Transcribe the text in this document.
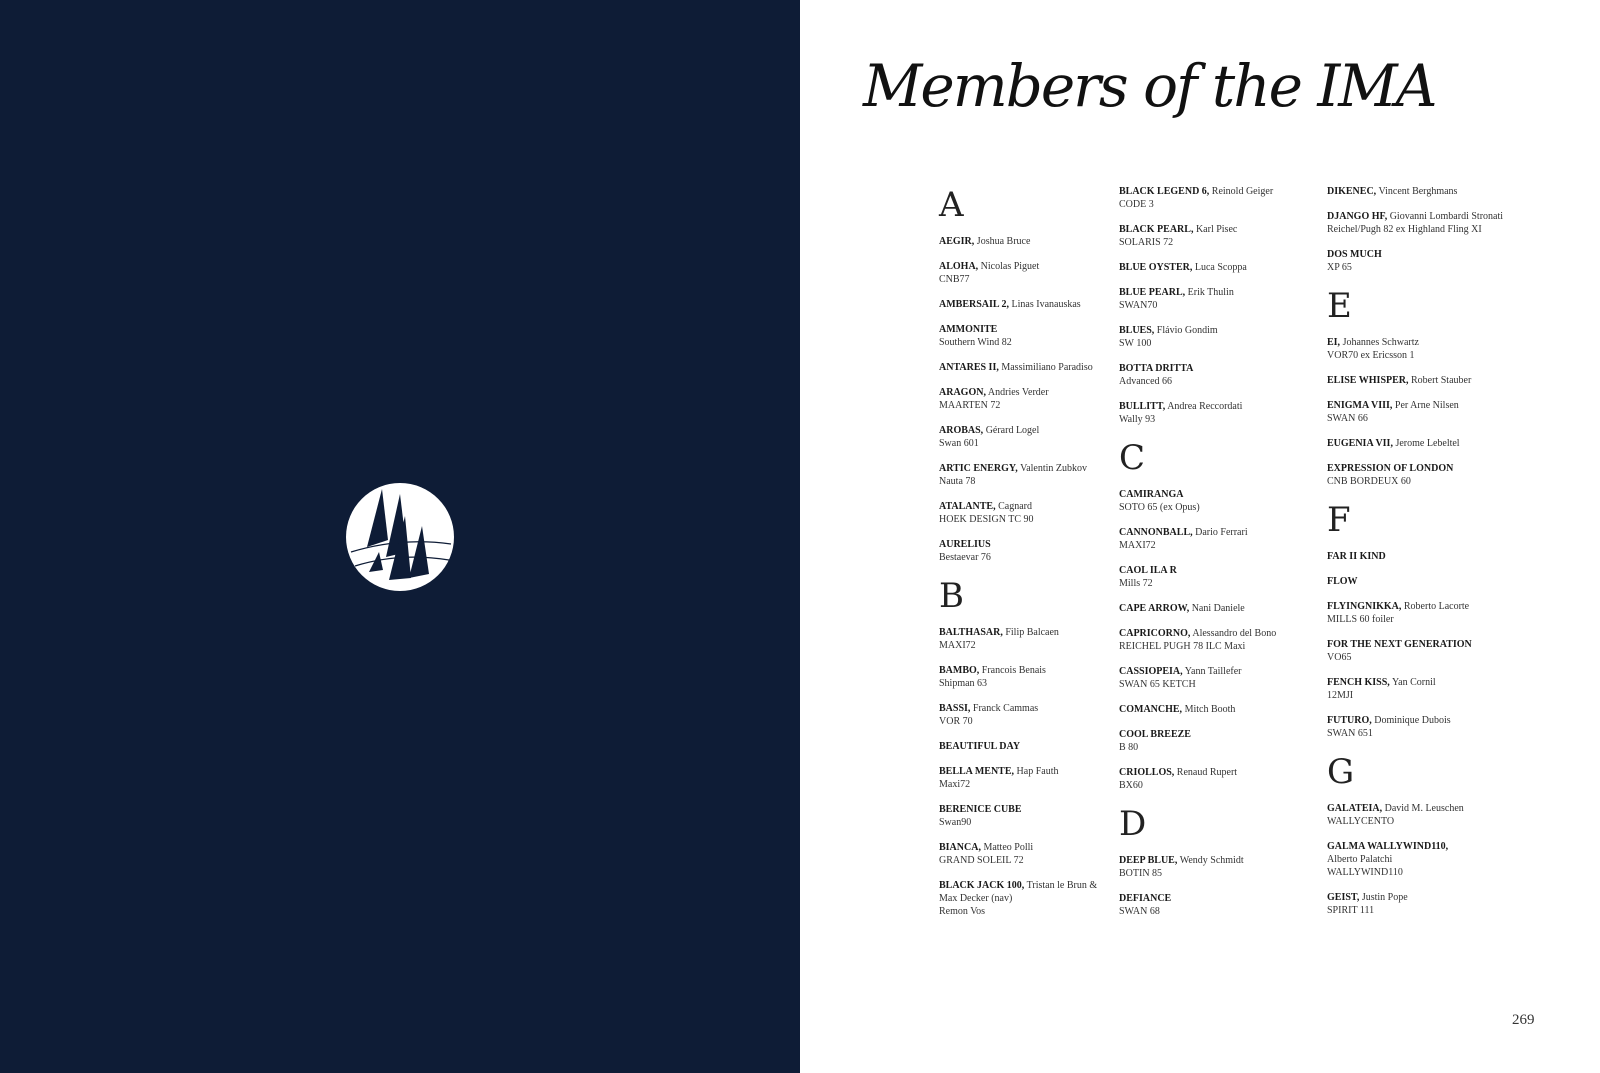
Members of the IMA
A
AEGIR, Joshua Bruce
ALOHA, Nicolas Piguet
CNB77
AMBERSAIL 2, Linas Ivanauskas
AMMONITE
Southern Wind 82
ANTARES II, Massimiliano Paradiso
ARAGON, Andries Verder
MAARTEN 72
AROBAS, Gérard Logel
Swan 601
ARTIC ENERGY, Valentin Zubkov
Nauta 78
ATALANTE, Cagnard
HOEK DESIGN TC 90
AURELIUS
Bestaevar 76
B
BALTHASAR, Filip Balcaen
MAXI72
BAMBO, Francois Benais
Shipman 63
BASSI, Franck Cammas
VOR 70
BEAUTIFUL DAY
BELLA MENTE, Hap Fauth
Maxi72
BERENICE CUBE
Swan90
BIANCA, Matteo Polli
GRAND SOLEIL 72
BLACK JACK 100, Tristan le Brun & Max Decker (nav)
Remon Vos
BLACK LEGEND 6, Reinold Geiger
CODE 3
BLACK PEARL, Karl Pisec
SOLARIS 72
BLUE OYSTER, Luca Scoppa
BLUE PEARL, Erik Thulin
SWAN70
BLUES, Flávio Gondim
SW 100
BOTTA DRITTA
Advanced 66
BULLITT, Andrea Reccordati
Wally 93
C
CAMIRANGA
SOTO 65 (ex Opus)
CANNONBALL, Dario Ferrari
MAXI72
CAOL ILA R
Mills 72
CAPE ARROW, Nani Daniele
CAPRICORNO, Alessandro del Bono
REICHEL PUGH 78 ILC Maxi
CASSIOPEIA, Yann Taillefer
SWAN 65 KETCH
COMANCHE, Mitch Booth
COOL BREEZE
B 80
CRIOLLOS, Renaud Rupert
BX60
D
DEEP BLUE, Wendy Schmidt
BOTIN 85
DEFIANCE
SWAN 68
DIKENEC, Vincent Berghmans
DJANGO HF, Giovanni Lombardi Stronati
Reichel/Pugh 82 ex Highland Fling XI
DOS MUCH
XP 65
E
EI, Johannes Schwartz
VOR70 ex Ericsson 1
ELISE WHISPER, Robert Stauber
ENIGMA VIII, Per Arne Nilsen
SWAN 66
EUGENIA VII, Jerome Lebeltel
EXPRESSION OF LONDON
CNB BORDEUX 60
F
FAR II KIND
FLOW
FLYINGNIKKA, Roberto Lacorte
MILLS 60 foiler
FOR THE NEXT GENERATION
VO65
FENCH KISS, Yan Cornil
12MJI
FUTURO, Dominique Dubois
SWAN 651
G
GALATEIA, David M. Leuschen
WALLYCENTO
GALMA WALLYWIND110,
Alberto Palatchi
WALLYWIND110
GEIST, Justin Pope
SPIRIT 111
269
